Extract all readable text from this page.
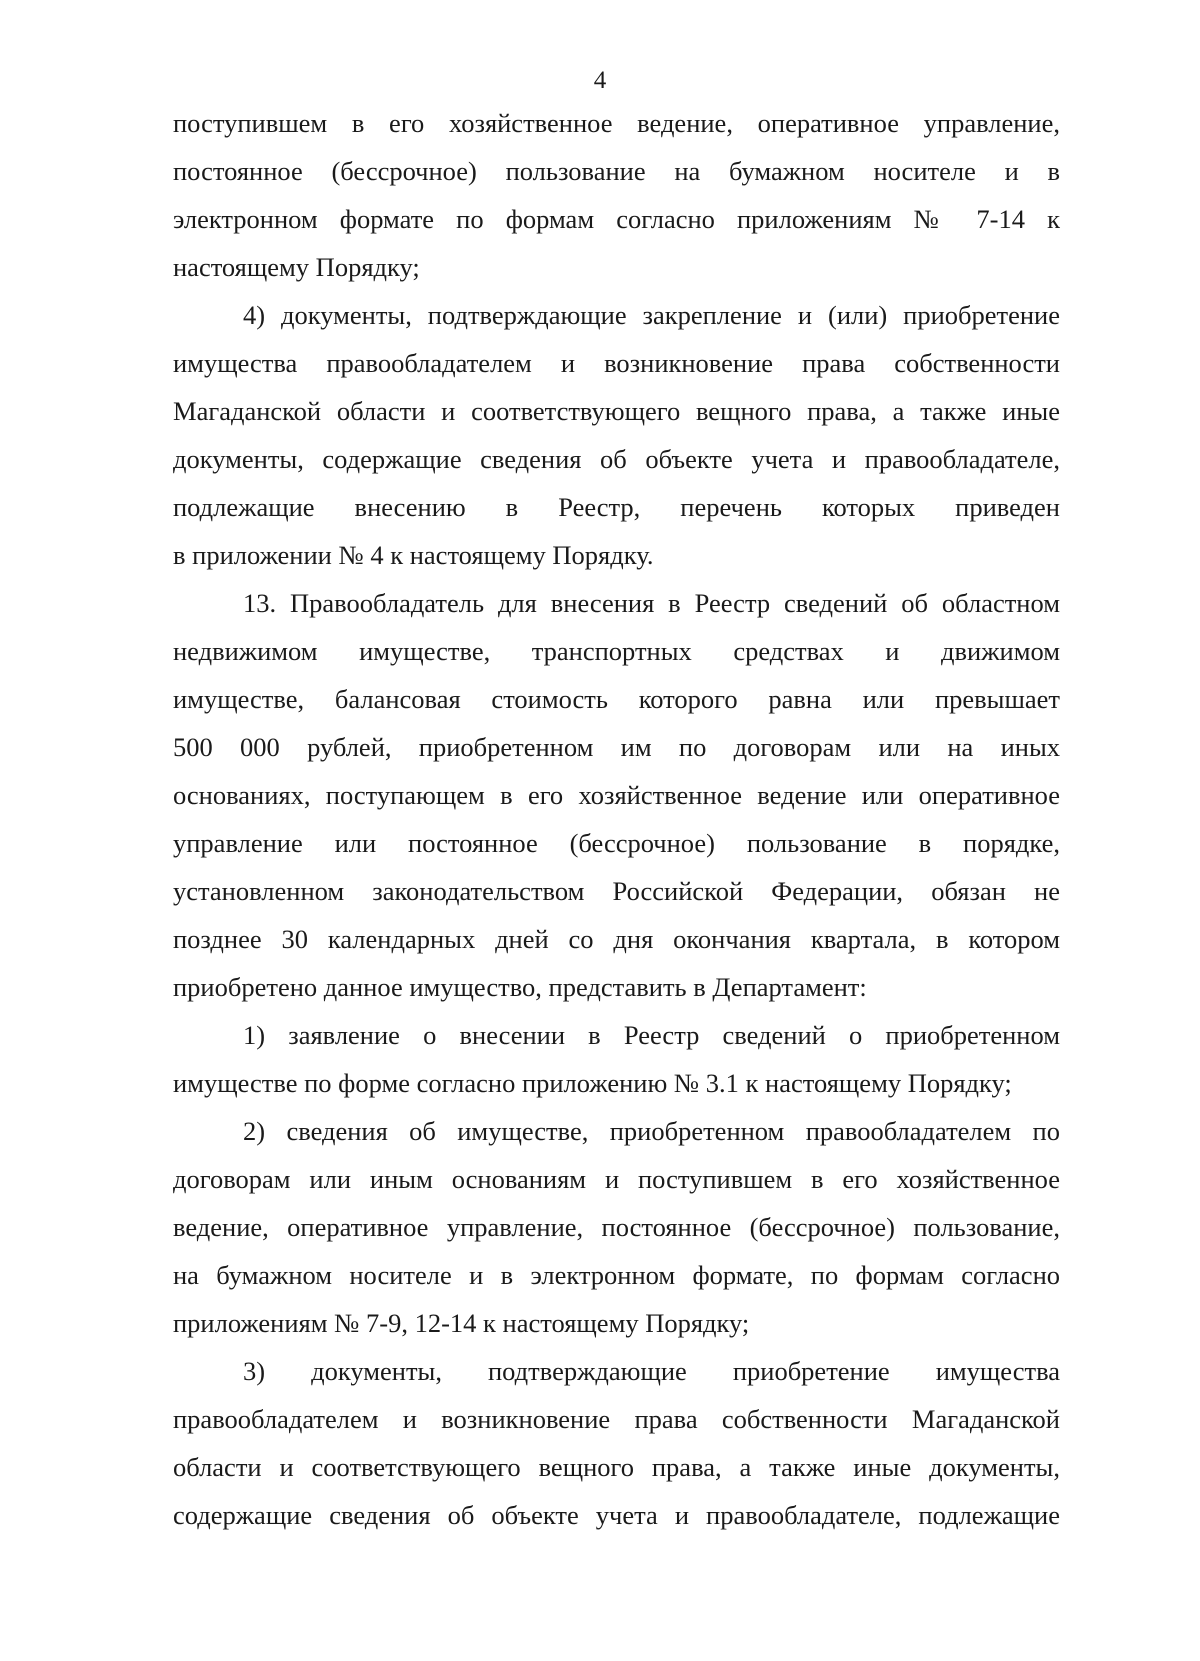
4
поступившем в его хозяйственное ведение, оперативное управление,
постоянное (бессрочное) пользование на бумажном носителе и в
электронном формате по формам согласно приложениям № 7-14 к
настоящему Порядку;
4) документы, подтверждающие закрепление и (или) приобретение
имущества правообладателем и возникновение права собственности
Магаданской области и соответствующего вещного права, а также иные
документы, содержащие сведения об объекте учета и правообладателе,
подлежащие внесению в Реестр, перечень которых приведен
в приложении № 4 к настоящему Порядку.
13. Правообладатель для внесения в Реестр сведений об областном
недвижимом имуществе, транспортных средствах и движимом
имуществе, балансовая стоимость которого равна или превышает
500 000 рублей, приобретенном им по договорам или на иных
основаниях, поступающем в его хозяйственное ведение или оперативное
управление или постоянное (бессрочное) пользование в порядке,
установленном законодательством Российской Федерации, обязан не
позднее 30 календарных дней со дня окончания квартала, в котором
приобретено данное имущество, представить в Департамент:
1) заявление о внесении в Реестр сведений о приобретенном
имуществе по форме согласно приложению № 3.1 к настоящему Порядку;
2) сведения об имуществе, приобретенном правообладателем по
договорам или иным основаниям и поступившем в его хозяйственное
ведение, оперативное управление, постоянное (бессрочное) пользование,
на бумажном носителе и в электронном формате, по формам согласно
приложениям № 7-9, 12-14 к настоящему Порядку;
3) документы, подтверждающие приобретение имущества
правообладателем и возникновение права собственности Магаданской
области и соответствующего вещного права, а также иные документы,
содержащие сведения об объекте учета и правообладателе, подлежащие
